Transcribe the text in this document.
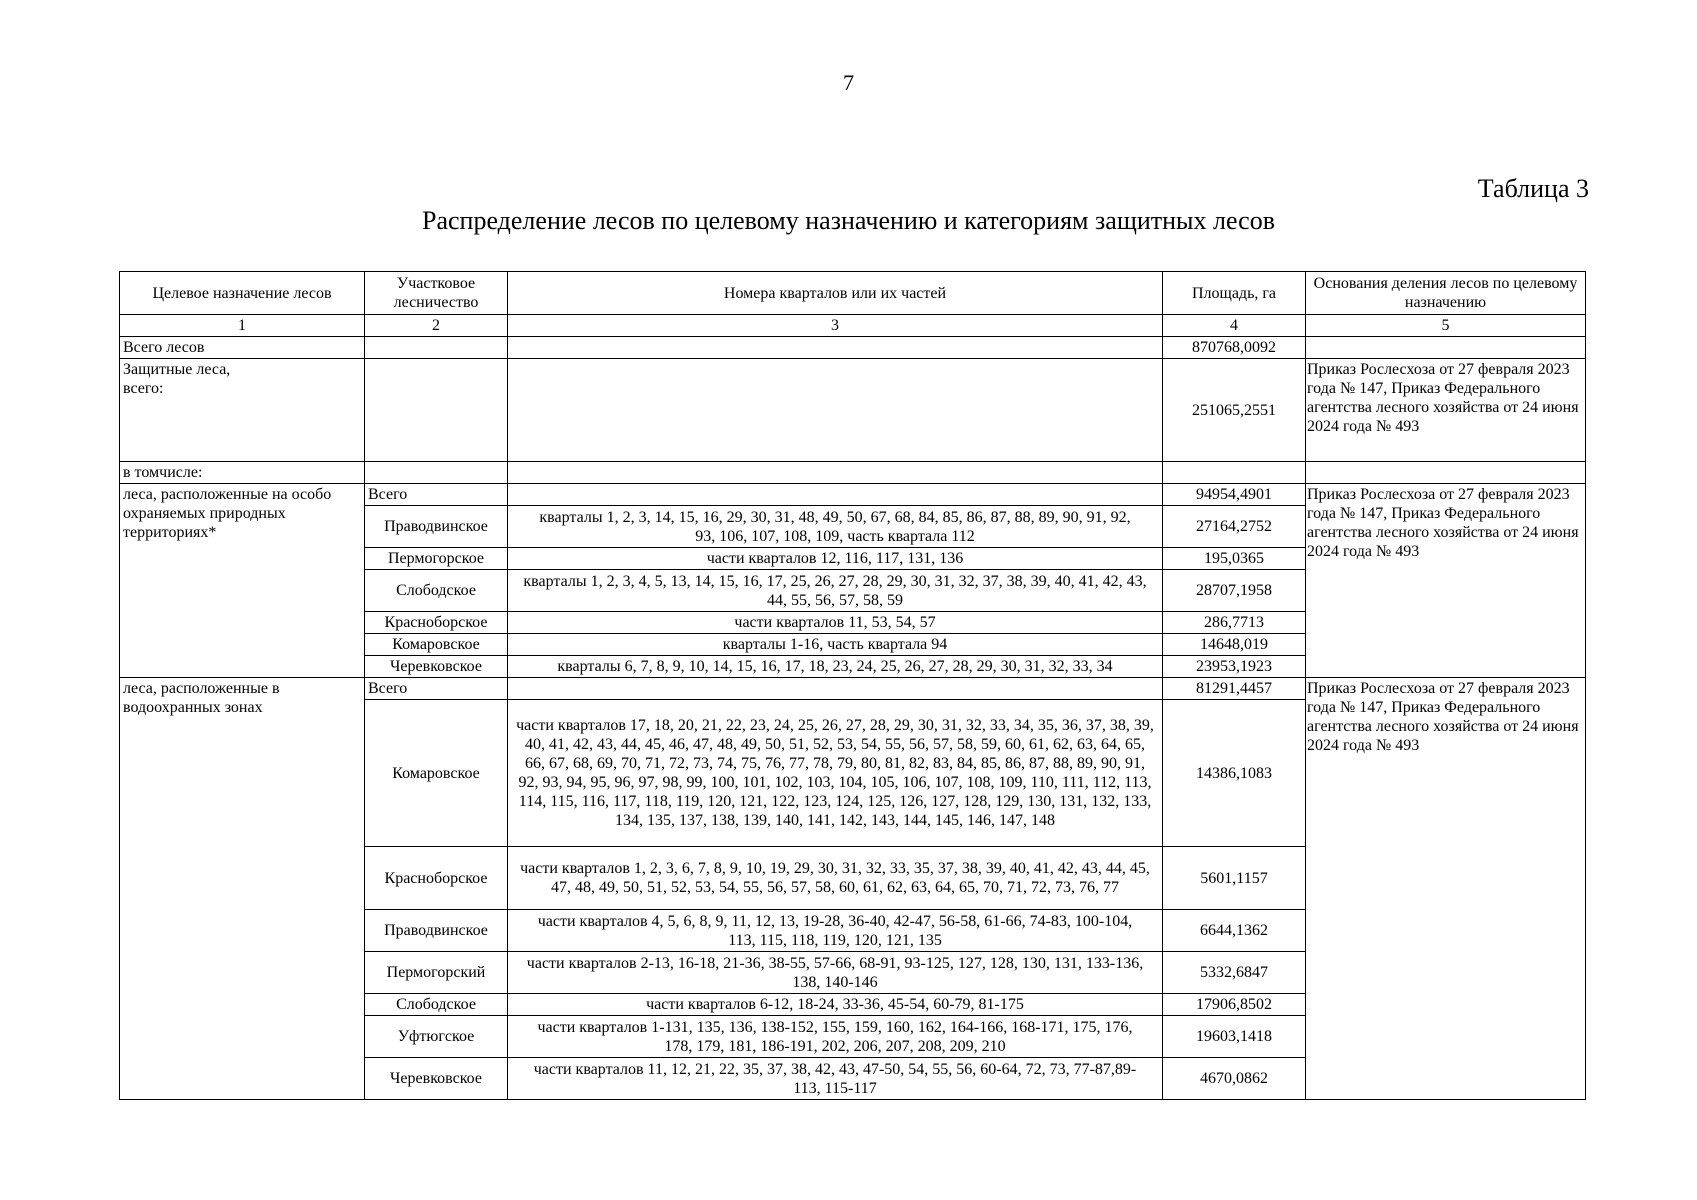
7
Таблица 3
Распределение лесов по целевому назначению и категориям защитных лесов
Целевое назначение лесов	Участковое лесничество	Номера кварталов или их частей	Площадь, га	Основания деления лесов по целевому назначению
1	2	3	4	5
Всего лесов			870768,0092	
Защитные леса, всего:			251065,2551	Приказ Рослесхоза от 27 февраля 2023 года № 147, Приказ Федерального агентства лесного хозяйства от 24 июня 2024 года № 493
в томчисле:				
леса, расположенные на особо охраняемых природных территориях*	Всего		94954,4901	Приказ Рослесхоза от 27 февраля 2023 года № 147, Приказ Федерального агентства лесного хозяйства от 24 июня 2024 года № 493
	Праводвинское	кварталы 1, 2, 3, 14, 15, 16, 29, 30, 31, 48, 49, 50, 67, 68, 84, 85, 86, 87, 88, 89, 90, 91, 92, 93, 106, 107, 108, 109, часть квартала 112	27164,2752	
	Пермогорское	части кварталов 12, 116, 117, 131, 136	195,0365	
	Слободское	кварталы 1, 2, 3, 4, 5, 13, 14, 15, 16, 17, 25, 26, 27, 28, 29, 30, 31, 32, 37, 38, 39, 40, 41, 42, 43, 44, 55, 56, 57, 58, 59	28707,1958	
	Красноборское	части кварталов 11, 53, 54, 57	286,7713	
	Комаровское	кварталы 1-16, часть квартала 94	14648,019	
	Черевковское	кварталы 6, 7, 8, 9, 10, 14, 15, 16, 17, 18, 23, 24, 25, 26, 27, 28, 29, 30, 31, 32, 33, 34	23953,1923	
леса, расположенные в водоохранных зонах	Всего		81291,4457	Приказ Рослесхоза от 27 февраля 2023 года № 147, Приказ Федерального агентства лесного хозяйства от 24 июня 2024 года № 493
	Комаровское	части кварталов 17, 18, 20, 21, 22, 23, 24, 25, 26, 27, 28, 29, 30, 31, 32, 33, 34, 35, 36, 37, 38, 39, 40, 41, 42, 43, 44, 45, 46, 47, 48, 49, 50, 51, 52, 53, 54, 55, 56, 57, 58, 59, 60, 61, 62, 63, 64, 65, 66, 67, 68, 69, 70, 71, 72, 73, 74, 75, 76, 77, 78, 79, 80, 81, 82, 83, 84, 85, 86, 87, 88, 89, 90, 91, 92, 93, 94, 95, 96, 97, 98, 99, 100, 101, 102, 103, 104, 105, 106, 107, 108, 109, 110, 111, 112, 113, 114, 115, 116, 117, 118, 119, 120, 121, 122, 123, 124, 125, 126, 127, 128, 129, 130, 131, 132, 133, 134, 135, 137, 138, 139, 140, 141, 142, 143, 144, 145, 146, 147, 148	14386,1083	
	Красноборское	части кварталов 1, 2, 3, 6, 7, 8, 9, 10, 19, 29, 30, 31, 32, 33, 35, 37, 38, 39, 40, 41, 42, 43, 44, 45, 47, 48, 49, 50, 51, 52, 53, 54, 55, 56, 57, 58, 60, 61, 62, 63, 64, 65, 70, 71, 72, 73, 76, 77	5601,1157	
	Праводвинское	части кварталов 4, 5, 6, 8, 9, 11, 12, 13, 19-28, 36-40, 42-47, 56-58, 61-66, 74-83, 100-104, 113, 115, 118, 119, 120, 121, 135	6644,1362	
	Пермогорский	части кварталов 2-13, 16-18, 21-36, 38-55, 57-66, 68-91, 93-125, 127, 128, 130, 131, 133-136, 138, 140-146	5332,6847	
	Слободское	части кварталов 6-12, 18-24, 33-36, 45-54, 60-79, 81-175	17906,8502	
	Уфтюгское	части кварталов 1-131, 135, 136, 138-152, 155, 159, 160, 162, 164-166, 168-171, 175, 176, 178, 179, 181, 186-191, 202, 206, 207, 208, 209, 210	19603,1418	
	Черевковское	части кварталов 11, 12, 21, 22, 35, 37, 38, 42, 43, 47-50, 54, 55, 56, 60-64, 72, 73, 77-87,89-113, 115-117	4670,0862	
